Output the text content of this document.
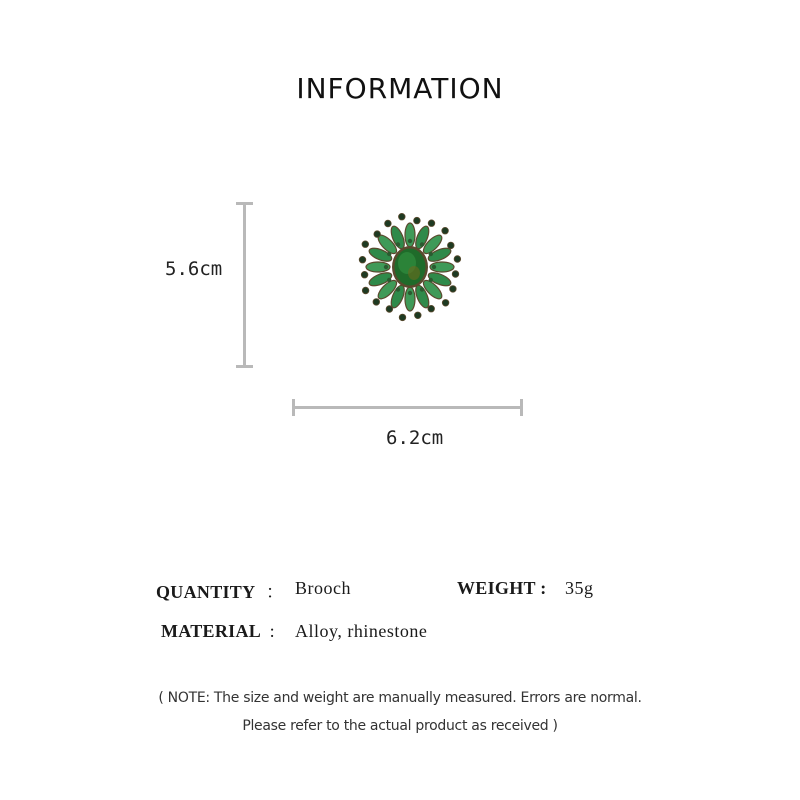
INFORMATION
5.6cm
6.2cm
QUANTITY ： Brooch	WEIGHT : 35g
MATERIAL : Alloy, rhinestone
( NOTE: The size and weight are manually measured. Errors are normal.
Please refer to the actual product as received )
